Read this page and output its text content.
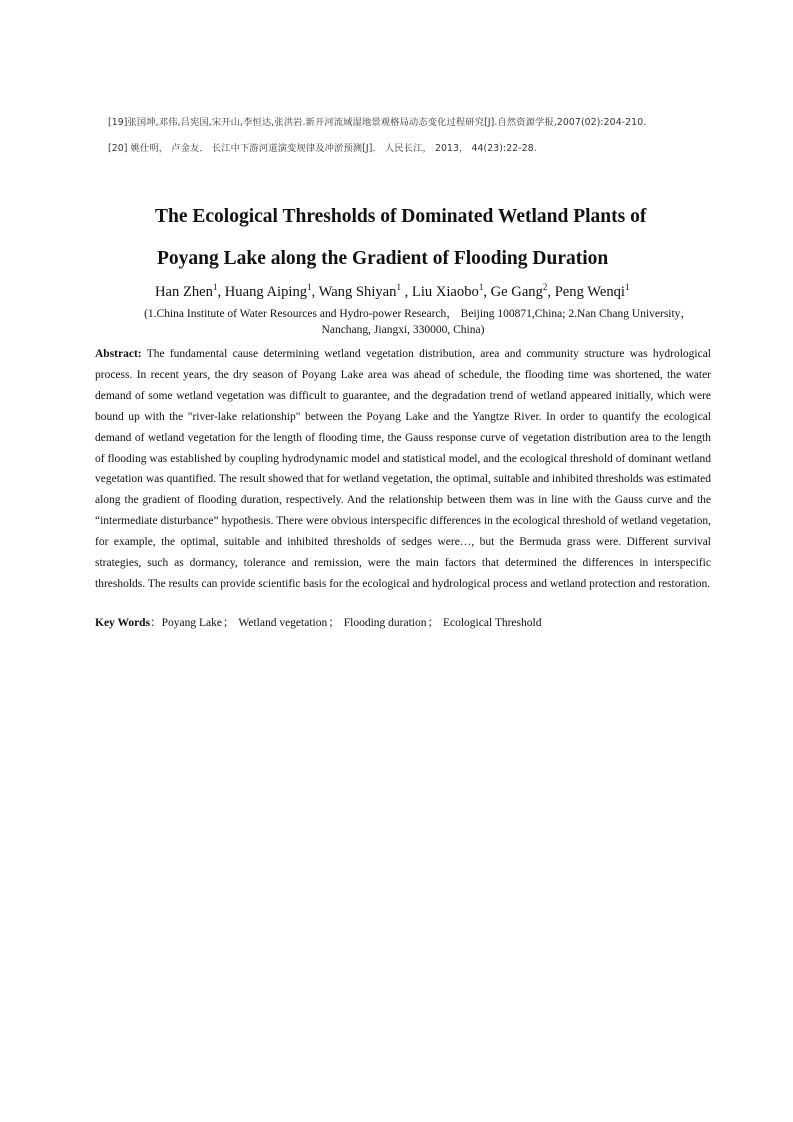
[19]张国坤,邓伟,吕宪国,宋开山,李恒达,张洪岩.新开河流域湿地景观格局动态变化过程研究[J].自然资源学报,2007(02):204-210.
[20] 姚仕明， 卢金友． 长江中下游河道演变规律及冲淤预测[J]． 人民长江， 2013， 44(23):22-28.
The Ecological Thresholds of Dominated Wetland Plants of
Poyang Lake along the Gradient of Flooding Duration
Han Zhen$^1$, Huang Aiping$^1$, Wang Shiyan$^1$ , Liu Xiaobo$^1$, Ge Gang$^2$, Peng Wenqi$^1$
(1.China Institute of Water Resources and Hydro-power Research， Beijing 100871,China; 2.Nan Chang University，
Nanchang, Jiangxi, 330000, China)
Abstract: The fundamental cause determining wetland vegetation distribution, area and community structure was hydrological process. In recent years, the dry season of Poyang Lake area was ahead of schedule, the flooding time was shortened, the water demand of some wetland vegetation was difficult to guarantee, and the degradation trend of wetland appeared initially, which were bound up with the "river-lake relationship" between the Poyang Lake and the Yangtze River. In order to quantify the ecological demand of wetland vegetation for the length of flooding time, the Gauss response curve of vegetation distribution area to the length of flooding was established by coupling hydrodynamic model and statistical model, and the ecological threshold of dominant wetland vegetation was quantified. The result showed that for wetland vegetation, the optimal, suitable and inhibited thresholds was estimated along the gradient of flooding duration, respectively. And the relationship between them was in line with the Gauss curve and the “intermediate disturbance” hypothesis. There were obvious interspecific differences in the ecological threshold of wetland vegetation, for example, the optimal, suitable and inhibited thresholds of sedges were…, but the Bermuda grass were. Different survival strategies, such as dormancy, tolerance and remission, were the main factors that determined the differences in interspecific thresholds. The results can provide scientific basis for the ecological and hydrological process and wetland protection and restoration.
Key Words：Poyang Lake； Wetland vegetation； Flooding duration； Ecological Threshold
